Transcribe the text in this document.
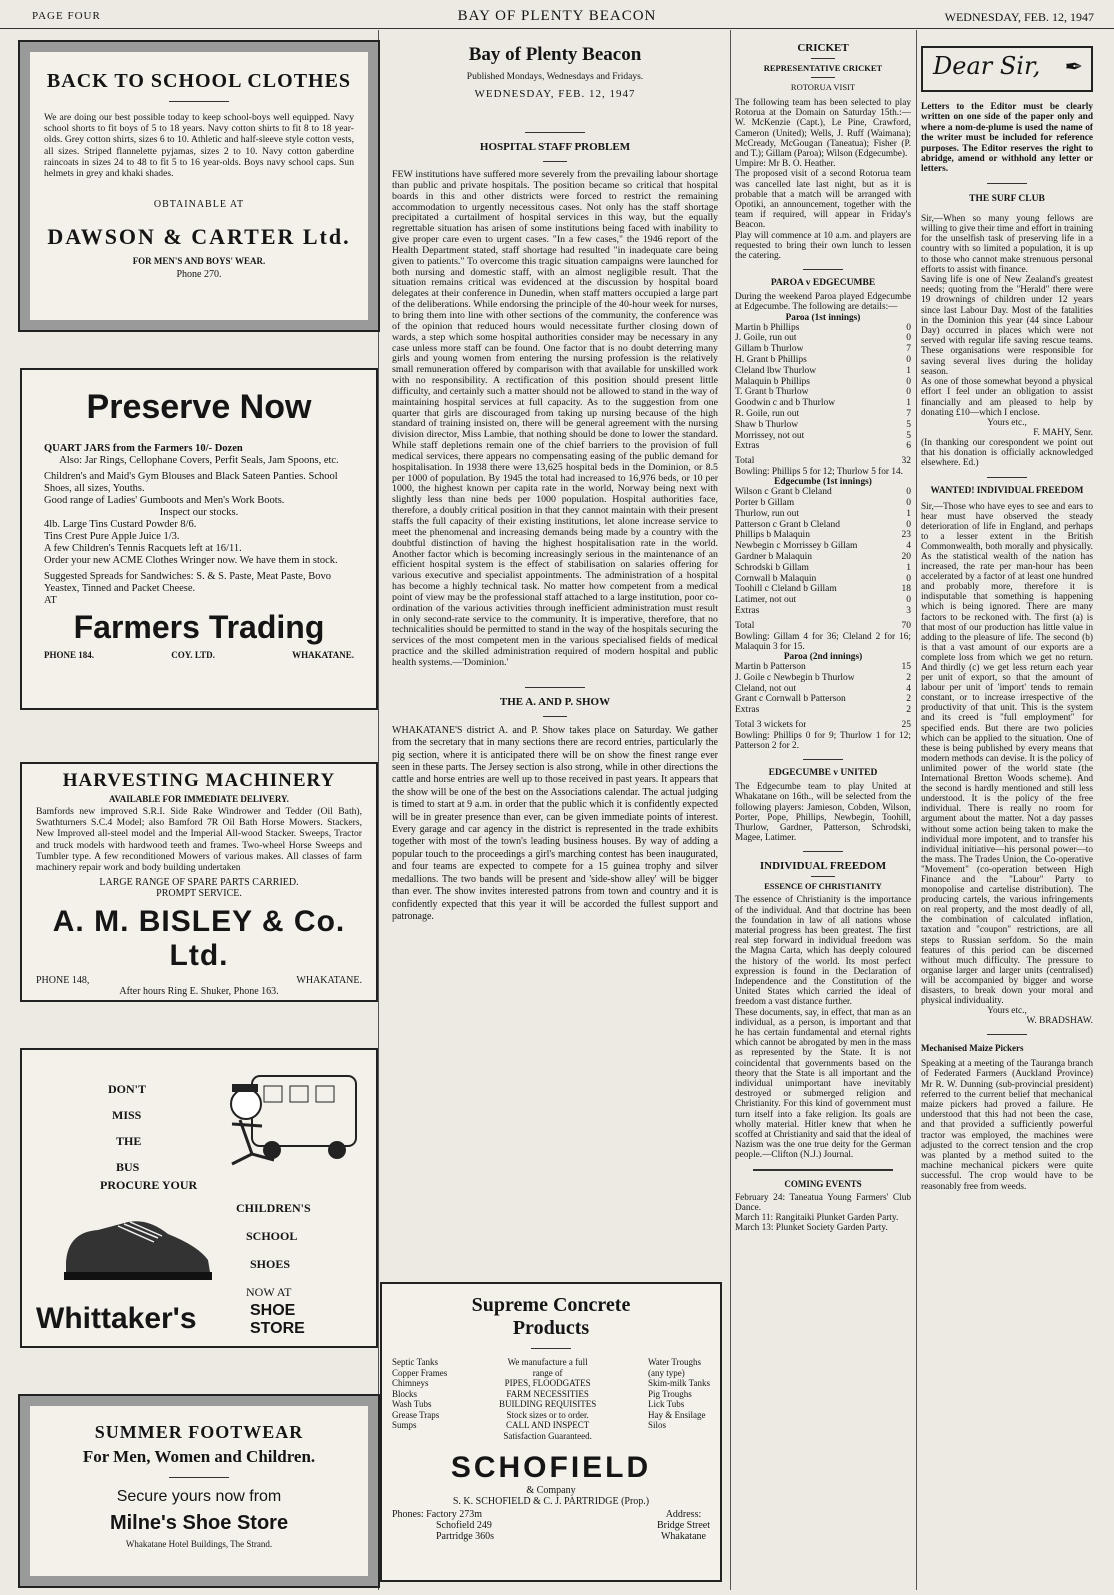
PAGE FOUR	BAY OF PLENTY BEACON	WEDNESDAY, FEB. 12, 1947
BACK TO SCHOOL CLOTHES

We are doing our best possible today to keep school-boys well equipped. Navy school shorts to fit boys of 5 to 18 years. Navy cotton shirts to fit 8 to 18 year-olds. Grey cotton shirts, sizes 6 to 10. Athletic and half-sleeve style cotton vests, all sizes. Striped flannelette pyjamas, sizes 2 to 10. Navy cotton gaberdine raincoats in sizes 24 to 48 to fit 5 to 16 year-olds. Boys navy school caps. Sun helmets in grey and khaki shades.

OBTAINABLE AT

DAWSON & CARTER Ltd.

FOR MEN'S AND BOYS' WEAR.

Phone 270.

Preserve Now

QUART JARS from the Farmers 10/- Dozen

Also: Jar Rings, Cellophane Covers, Perfit Seals, Jam Spoons, etc.

Children's and Maid's Gym Blouses and Black Sateen Panties. School Shoes, all sizes, Youths.

Good range of Ladies' Gumboots and Men's Work Boots.

Inspect our stocks.

4lb. Large Tins Custard Powder 8/6.

Tins Crest Pure Apple Juice 1/3.

A few Children's Tennis Racquets left at 16/11.

Order your new ACME Clothes Wringer now. We have them in stock.

Suggested Spreads for Sandwiches: S. & S. Paste, Meat Paste, Bovo Yeastex, Tinned and Packet Cheese.

AT

Farmers Trading
PHONE 184.	COY. LTD.	WHAKATANE.
HARVESTING MACHINERY

AVAILABLE FOR IMMEDIATE DELIVERY.

Bamfords new improved S.R.I. Side Rake Windrower and Tedder (Oil Bath), Swathturners S.C.4 Model; also Bamford 7R Oil Bath Horse Mowers. Stackers, New Improved all-steel model and the Imperial All-wood Stacker. Sweeps, Tractor and truck models with hardwood teeth and frames. Two-wheel Horse Sweeps and Tumbler type. A few reconditioned Mowers of various makes. All classes of farm machinery repair work and body building undertaken

LARGE RANGE OF SPARE PARTS CARRIED.

PROMPT SERVICE.

A. M. BISLEY & Co. Ltd.
PHONE 148,	WHAKATANE.

After hours Ring E. Shuker, Phone 163.

DON'T
MISS
THE
BUS

PROCURE YOUR

CHILDREN'S
SCHOOL
SHOES
NOW AT
Whittaker's	SHOE
STORE
SUMMER FOOTWEAR
For Men, Women and Children.

Secure yours now from

Milne's Shoe Store

Whakatane Hotel Buildings, The Strand.

Bay of Plenty Beacon

Published Mondays, Wednesdays and Fridays.

WEDNESDAY, FEB. 12, 1947

HOSPITAL STAFF PROBLEM

FEW institutions have suffered more severely from the prevailing labour shortage than public and private hospitals. The position became so critical that hospital boards in this and other districts were forced to restrict the remaining accommodation to urgently necessitous cases. Not only has the staff shortage precipitated a curtailment of hospital services in this way, but the equally regrettable situation has arisen of some institutions being faced with inability to give proper care even to urgent cases. "In a few cases," the 1946 report of the Health Department stated, staff shortage had resulted "in inadequate care being given to patients." To overcome this tragic situation campaigns were launched for both nursing and domestic staff, with an almost negligible result. That the situation remains critical was evidenced at the discussion by hospital board delegates at their conference in Dunedin, when staff matters occupied a large part of the deliberations. While endorsing the principle of the 40-hour week for nurses, to bring them into line with other sections of the community, the conference was of the opinion that reduced hours would necessitate further closing down of wards, a step which some hospital authorities consider may be necessary in any case unless more staff can be found. One factor that is no doubt deterring many girls and young women from entering the nursing profession is the relatively small remuneration offered by comparison with that available for unskilled work with no responsibility. A rectification of this position should present little difficulty, and certainly such a matter should not be allowed to stand in the way of maintaining hospital services at full capacity. As to the suggestion from one quarter that girls are discouraged from taking up nursing because of the high standard of training insisted on, there will be general agreement with the nursing division director, Miss Lambie, that nothing should be done to lower the standard. While staff depletions remain one of the chief barriers to the provision of full medical services, there appears no compensating easing of the public demand for hospitalisation. In 1938 there were 13,625 hospital beds in the Dominion, or 8.5 per 1000 of population. By 1945 the total had increased to 16,976 beds, or 10 per 1000, the highest known per capita rate in the world, Norway being next with slightly less than nine beds per 1000 population. Hospital authorities face, therefore, a doubly critical position in that they cannot maintain with their present staffs the full capacity of their existing institutions, let alone increase service to meet the phenomenal and increasing demands being made by a country with the doubtful distinction of having the highest hospitalisation rate in the world. Another factor which is becoming increasingly serious in the maintenance of an efficient hospital system is the effect of stabilisation on salaries offering for various executive and specialist appointments. The administration of a hospital has become a highly technical task. No matter how competent from a medical point of view may be the professional staff attached to a large institution, poor co-ordination of the various activities through inefficient administration must result in only second-rate service to the community. It is imperative, therefore, that no technicalities should be permitted to stand in the way of the hospitals securing the services of the most competent men in the various specialised fields of medical practice and the skilled administration required of modern hospital and public health systems.—'Dominion.'

THE A. AND P. SHOW

WHAKATANE'S district A. and P. Show takes place on Saturday. We gather from the secretary that in many sections there are record entries, particularly the pig section, where it is anticipated there will be on show the finest range ever seen in these parts. The Jersey section is also strong, while in other directions the cattle and horse entries are well up to those received in past years. It appears that the show will be one of the best on the Associations calendar. The actual judging is timed to start at 9 a.m. in order that the public which it is confidently expected will be in greater presence than ever, can be given immediate points of interest. Every garage and car agency in the district is represented in the trade exhibits together with most of the town's leading business houses. By way of adding a popular touch to the proceedings a girl's marching contest has been inaugurated, and four teams are expected to compete for a 15 guinea trophy and silver medallions. The two bands will be present and 'side-show alley' will be bigger than ever. The show invites interested patrons from town and country and it is confidently expected that this year it will be accorded the fullest support and patronage.

Supreme Concrete
Products
Septic Tanks
Copper Frames
Chimneys
Blocks
Wash Tubs
Grease Traps
Sumps
We manufacture a full
range of
PIPES, FLOODGATES
FARM NECESSITIES
BUILDING REQUISITES
Stock sizes or to order.
CALL AND INSPECT
Satisfaction Guaranteed.
Water Troughs
(any type)
Skim-milk Tanks
Pig Troughs
Lick Tubs
Hay & Ensilage
Silos
SCHOFIELD

& Company

S. K. SCHOFIELD & C. J. PARTRIDGE (Prop.)

Phones: Factory 273m
Schofield 249
Partridge 360s
Address:
Bridge Street
Whakatane
CRICKET

REPRESENTATIVE CRICKET

ROTORUA VISIT

The following team has been selected to play Rotorua at the Domain on Saturday 15th.:— W. McKenzie (Capt.), Le Pine, Crawford, Cameron (United); Wells, J. Ruff (Waimana); McCready, McGougan (Taneatua); Fisher (P. and T.); Gillam (Paroa); Wilson (Edgecumbe).

Umpire: Mr B. O. Heather.

The proposed visit of a second Rotorua team was cancelled late last night, but as it is probable that a match will be arranged with Opotiki, an announcement, together with the team if required, will appear in Friday's Beacon.

Play will commence at 10 a.m. and players are requested to bring their own lunch to lessen the catering.

PAROA v EDGECUMBE

During the weekend Paroa played Edgecumbe at Edgecumbe. The following are details:—

Paroa (1st innings)

Martin b Phillips	0
J. Goile, run out	0
Gillam b Thurlow	7
H. Grant b Phillips	0
Cleland lbw Thurlow	1
Malaquin b Phillips	0
T. Grant b Thurlow	0
Goodwin c and b Thurlow	1
R. Goile, run out	7
Shaw b Thurlow	5
Morrissey, not out	5
Extras	6
Total	32

Bowling: Phillips 5 for 12; Thurlow 5 for 14.

Edgecumbe (1st innings)

Wilson c Grant b Cleland	0
Porter b Gillam	0
Thurlow, run out	1
Patterson c Grant b Cleland	0
Phillips b Malaquin	23
Newbegin c Morrissey b Gillam	4
Gardner b Malaquin	20
Schrodski b Gillam	1
Cornwall b Malaquin	0
Toohill c Cleland b Gillam	18
Latimer, not out	0
Extras	3
Total	70

Bowling: Gillam 4 for 36; Cleland 2 for 16; Malaquin 3 for 15.

Paroa (2nd innings)

Martin b Patterson	15
J. Goile c Newbegin b Thurlow	2
Cleland, not out	4
Grant c Cornwall b Patterson	2
Extras	2
Total 3 wickets for	25

Bowling: Phillips 0 for 9; Thurlow 1 for 12; Patterson 2 for 2.

EDGECUMBE v UNITED

The Edgecumbe team to play United at Whakatane on 16th., will be selected from the following players: Jamieson, Cobden, Wilson, Porter, Pope, Phillips, Newbegin, Toohill, Thurlow, Gardner, Patterson, Schrodski, Magee, Latimer.

INDIVIDUAL FREEDOM

ESSENCE OF CHRISTIANITY

The essence of Christianity is the importance of the individual. And that doctrine has been the foundation in law of all nations whose material progress has been greatest. The first real step forward in individual freedom was the Magna Carta, which has deeply coloured the history of the world. Its most perfect expression is found in the Declaration of Independence and the Constitution of the United States which carried the ideal of freedom a vast distance further.

These documents, say, in effect, that man as an individual, as a person, is important and that he has certain fundamental and eternal rights which cannot be abrogated by men in the mass as represented by the State. It is not coincidental that governments based on the theory that the State is all important and the individual unimportant have inevitably destroyed or submerged religion and Christianity. For this kind of government must turn itself into a fake religion. Its goals are wholly material. Hitler knew that when he scoffed at Christianity and said that the ideal of Nazism was the one true deity for the German people.—Clifton (N.J.) Journal.

COMING EVENTS

February 24: Taneatua Young Farmers' Club Dance.

March 11: Rangitaiki Plunket Garden Party.

March 13: Plunket Society Garden Party.

Dear Sir, ✒

Letters to the Editor must be clearly written on one side of the paper only and where a nom-de-plume is used the name of the writer must be included for reference purposes. The Editor reserves the right to abridge, amend or withhold any letter or letters.

THE SURF CLUB

Sir,—When so many young fellows are willing to give their time and effort in training for the unselfish task of preserving life in a country with so limited a population, it is up to those who cannot make strenuous personal efforts to assist with finance.

Saving life is one of New Zealand's greatest needs; quoting from the "Herald" there were 19 drownings of children under 12 years since last Labour Day. Most of the fatalities in the Dominion this year (44 since Labour Day) occurred in places which were not served with regular life saving rescue teams. These organisations were responsible for saving several lives during the holiday season.

As one of those somewhat beyond a physical effort I feel under an obligation to assist financially and am pleased to help by donating £10—which I enclose.

Yours etc.,

F. MAHY, Senr.

(In thanking our corespondent we point out that his donation is officially acknowledged elsewhere. Ed.)

WANTED! INDIVIDUAL FREEDOM

Sir,—Those who have eyes to see and ears to hear must have observed the steady deterioration of life in England, and perhaps to a lesser extent in the British Commonwealth, both morally and physically. As the statistical wealth of the nation has increased, the rate per man-hour has been accelerated by a factor of at least one hundred and probably more, therefore it is indisputable that something is happening which is being ignored. There are many factors to be reckoned with. The first (a) is that most of our production has little value in adding to the pleasure of life. The second (b) is that a vast amount of our exports are a complete loss from which we get no return. And thirdly (c) we get less return each year per unit of export, so that the amount of labour per unit of 'import' tends to remain constant, or to increase irrespective of the productivity of that unit. This is the system and its creed is "full employment" for specified ends. But there are two policies which can be applied to the situation. One of these is being published by every means that modern methods can devise. It is the policy of unlimited power of the world state (the International Bretton Woods scheme). And the second is hardly mentioned and still less understood. It is the policy of the free individual. There is really no room for argument about the matter. Not a day passes without some action being taken to make the individual more impotent, and to transfer his individual initiative—his personal power—to the mass. The Trades Union, the Co-operative "Movement" (co-operation between High Finance and the "Labour" Party to monopolise and cartelise distribution). The producing cartels, the various infringements on real property, and the most deadly of all, the combination of calculated inflation, taxation and "coupon" restrictions, are all steps to Russian serfdom. So the main features of this period can be discerned without much difficulty. The pressure to organise larger and larger units (centralised) will be accompanied by bigger and worse disasters, to break down your moral and physical individuality.

Yours etc.,

W. BRADSHAW.

Mechanised Maize Pickers

Speaking at a meeting of the Tauranga branch of Federated Farmers (Auckland Province) Mr R. W. Dunning (sub-provincial president) referred to the current belief that mechanical maize pickers had proved a failure. He understood that this had not been the case, and that provided a sufficiently powerful tractor was employed, the machines were adjusted to the correct tension and the crop was planted by a method suited to the machine mechanical pickers were quite successful. The crop would have to be reasonably free from weeds.
